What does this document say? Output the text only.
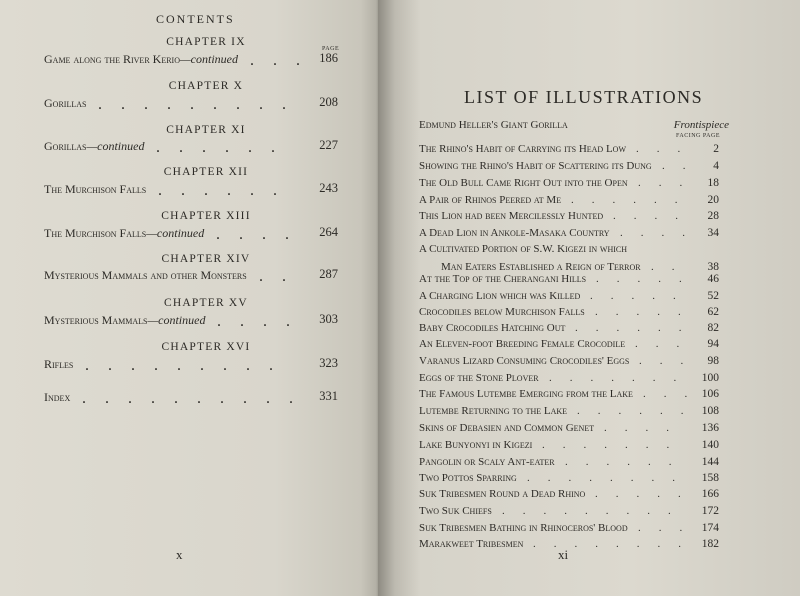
CONTENTS
PAGE
CHAPTER IX
Game along the River Kerio—continued ... 186
CHAPTER X
Gorillas .........	208
CHAPTER XI
Gorillas—continued ......	227
CHAPTER XII
The Murchison Falls ......	243
CHAPTER XIII
The Murchison Falls—continued .... 264
CHAPTER XIV
Mysterious Mammals and other Monsters ..	287
CHAPTER XV
Mysterious Mammals—continued .... 303
CHAPTER XVI
Rifles .........	323
Index .......... 331
x
LIST OF ILLUSTRATIONS
Edmund Heller's Giant Gorilla	Frontispiece
FACING PAGE
The Rhino's Habit of Carrying its Head Low	2
...
Showing the Rhino's Habit of Scattering its Dung	4
..
The Old Bull Came Right Out into the Open	18
...
A Pair of Rhinos Peered at Me	20
......
This Lion had been Mercilessly Hunted	28
....
A Dead Lion in Ankole-Masaka Country	34
....
A Cultivated Portion of S.W. Kigezi in which
Man Eaters Established a Reign of Terror	38
..
At the Top of the Cherangani Hills	46
.....
A Charging Lion which was Killed	52
.....
Crocodiles below Murchison Falls	62
.....
Baby Crocodiles Hatching Out	82
......
An Eleven-foot Breeding Female Crocodile	94
...
Varanus Lizard Consuming Crocodiles' Eggs	98
...
Eggs of the Stone Plover	100
.......
The Famous Lutembe Emerging from the Lake	106
...
Lutembe Returning to the Lake	108
......
Skins of Debasien and Common Genet	136
....
Lake Bunyonyi in Kigezi	140
.......
Pangolin or Scaly Ant-eater	144
......
Two Pottos Sparring	158
........
Suk Tribesmen Round a Dead Rhino	166
.....
Two Suk Chiefs	172
.........
Suk Tribesmen Bathing in Rhinoceros' Blood	174
...
Marakweet Tribesmen	182
........
xi
